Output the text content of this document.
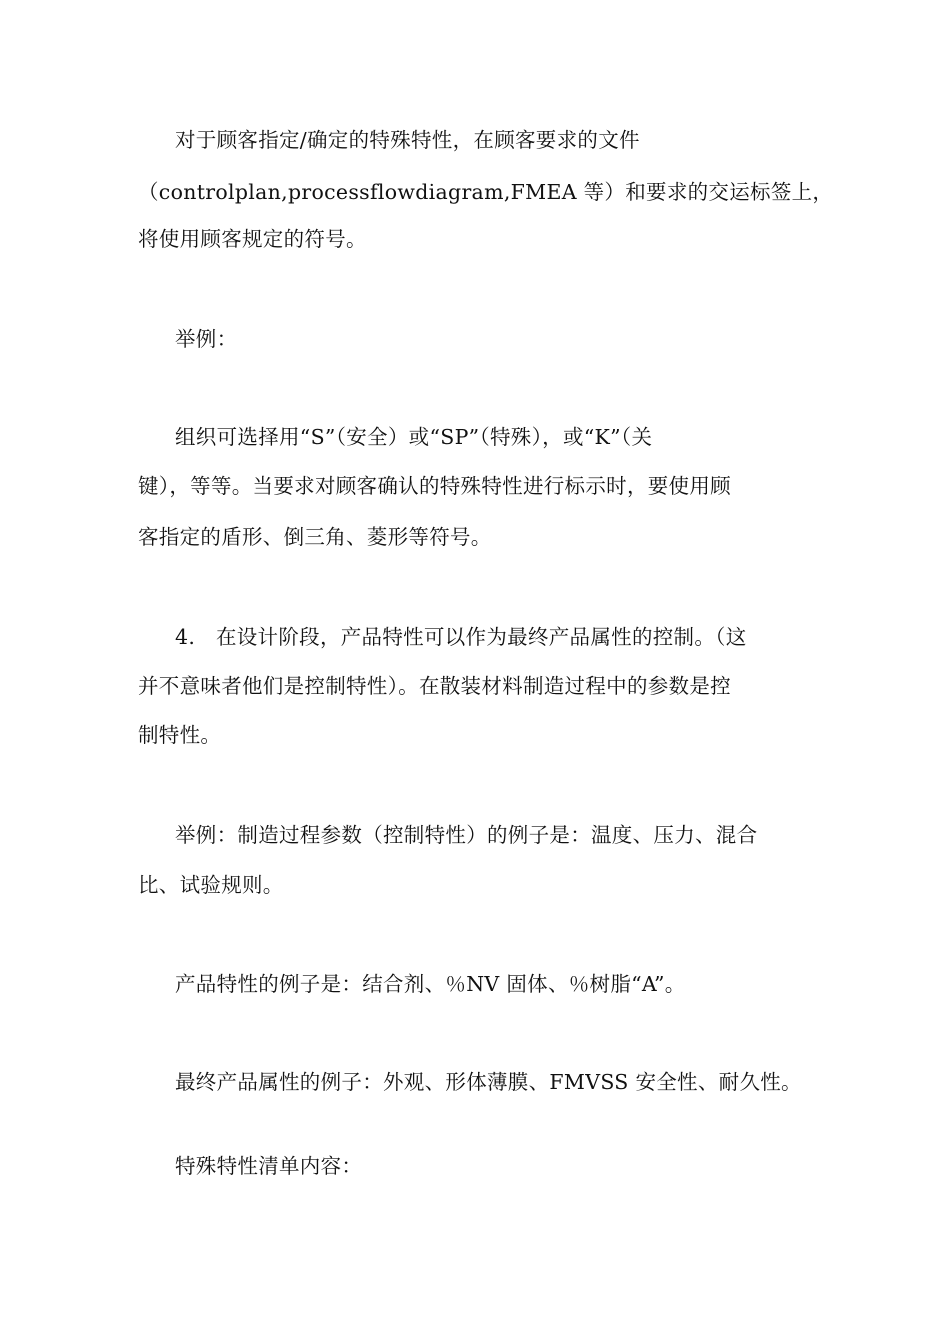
对于顾客指定/确定的特殊特性，在顾客要求的文件
（controlplan,processflowdiagram,FMEA 等）和要求的交运标签上，
将使用顾客规定的符号。
举例：
组织可选择用“S”（安全）或“SP”（特殊），或“K”（关
键），等等。当要求对顾客确认的特殊特性进行标示时，要使用顾
客指定的盾形、倒三角、菱形等符号。
4.　在设计阶段，产品特性可以作为最终产品属性的控制。（这
并不意味者他们是控制特性）。在散装材料制造过程中的参数是控
制特性。
举例：制造过程参数（控制特性）的例子是：温度、压力、混合
比、试验规则。
产品特性的例子是：结合剂、％NV 固体、％树脂“A”。
最终产品属性的例子：外观、形体薄膜、FMVSS 安全性、耐久性。
特殊特性清单内容：
